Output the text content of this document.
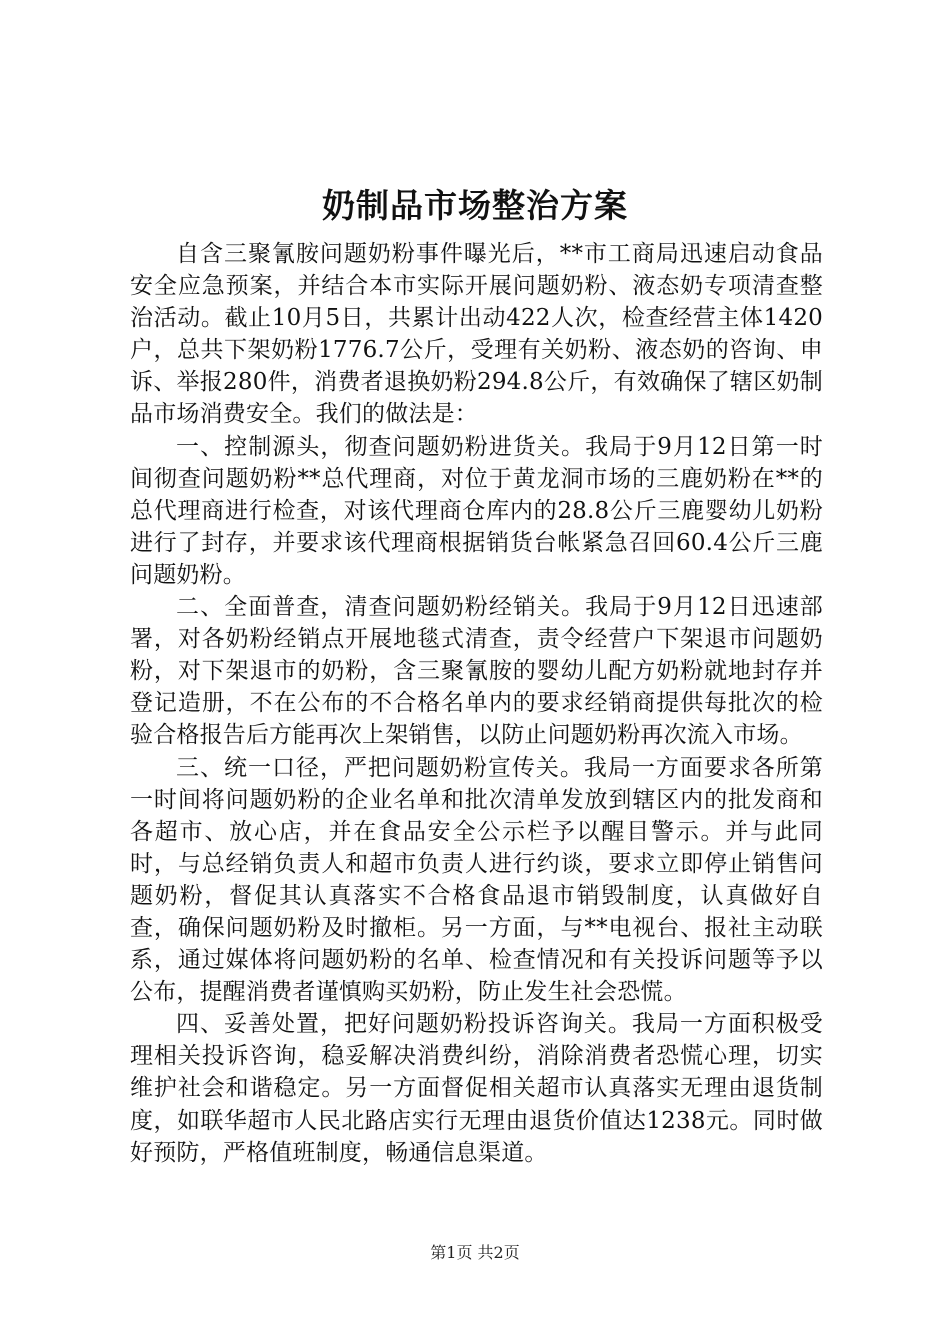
奶制品市场整治方案

自含三聚氰胺问题奶粉事件曝光后，**市工商局迅速启动食品安全应急预案，并结合本市实际开展问题奶粉、液态奶专项清查整治活动。截止10月5日，共累计出动422人次，检查经营主体1420户，总共下架奶粉1776.7公斤，受理有关奶粉、液态奶的咨询、申诉、举报280件，消费者退换奶粉294.8公斤，有效确保了辖区奶制品市场消费安全。我们的做法是：

一、控制源头，彻查问题奶粉进货关。我局于9月12日第一时间彻查问题奶粉**总代理商，对位于黄龙洞市场的三鹿奶粉在**的总代理商进行检查，对该代理商仓库内的28.8公斤三鹿婴幼儿奶粉进行了封存，并要求该代理商根据销货台帐紧急召回60.4公斤三鹿问题奶粉。

二、全面普查，清查问题奶粉经销关。我局于9月12日迅速部署，对各奶粉经销点开展地毯式清查，责令经营户下架退市问题奶粉，对下架退市的奶粉，含三聚氰胺的婴幼儿配方奶粉就地封存并登记造册，不在公布的不合格名单内的要求经销商提供每批次的检验合格报告后方能再次上架销售，以防止问题奶粉再次流入市场。

三、统一口径，严把问题奶粉宣传关。我局一方面要求各所第一时间将问题奶粉的企业名单和批次清单发放到辖区内的批发商和各超市、放心店，并在食品安全公示栏予以醒目警示。并与此同时，与总经销负责人和超市负责人进行约谈，要求立即停止销售问题奶粉，督促其认真落实不合格食品退市销毁制度，认真做好自查，确保问题奶粉及时撤柜。另一方面，与**电视台、报社主动联系，通过媒体将问题奶粉的名单、检查情况和有关投诉问题等予以公布，提醒消费者谨慎购买奶粉，防止发生社会恐慌。

四、妥善处置，把好问题奶粉投诉咨询关。我局一方面积极受理相关投诉咨询，稳妥解决消费纠纷，消除消费者恐慌心理，切实维护社会和谐稳定。另一方面督促相关超市认真落实无理由退货制度，如联华超市人民北路店实行无理由退货价值达1238元。同时做好预防，严格值班制度，畅通信息渠道。

第1页 共2页
